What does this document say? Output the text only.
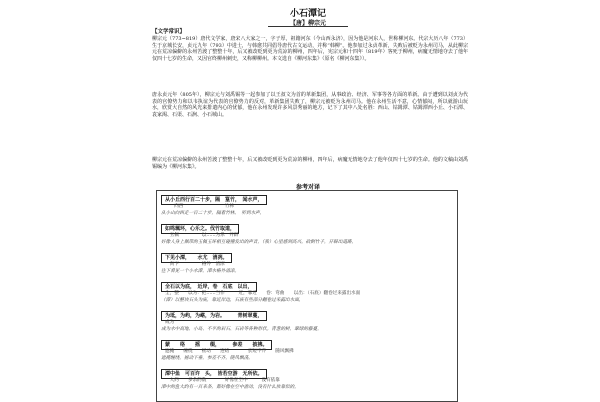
小石潭记
【唐】柳宗元
【文学常识】
柳宗元（773~819）唐代文学家，唐宋八大家之一，字子厚，祖籍河东（今山西永济），因为他是河东人，世称柳河东。代宗大历八年（773）生于京城长安，贞元九年（793）中进士，与韩愈共同倡导唐代古文运动，并称“韩柳”。他参加过永贞革新，失败后被贬为永州司马，从此柳宗元在荒凉偏僻的永州苦渡了整整十年，后又被改贬到更为荒凉的柳州，四年后，宪宗元和十四年（819年）客死于柳州，病魔无情地夺去了他年仅四十七岁的生命，又因官终柳州刺史，又称柳柳州。本文选自《柳河东集》（原名《柳河东集》）。
唐永贞元年（805年），柳宗元与刘禹锡等一起参加了以王叔文为首的革新集团，从事政治、经济、军事等各方面的革新。由于遭到以刘贞为代表的官僚势力和以韦执谊为代表的官僚势力的反对，革新集团失败了，柳宗元被贬为永州司马。他在永州生活不意，心情郁闷，所以就游山玩水，欣赏大自然的风光来排遣内心的忧郁，他在永州发现许多风景秀丽的地方，记下了其中八处名胜：西山、钴鉧潭、钴鉧潭西小丘、小石潭、袁家渴、石渠、石涧、小石城山。
柳宗元在荒凉偏僻的永州苦渡了整整十年，后又被改贬到更为荒凉的柳州，四年后，病魔无情地夺去了他年仅四十七岁的生命。他的文稿由刘禹锡编为《柳河东集》。
参考对译
从小丘西行百二十步，隔　篁竹，　闻水声，
　　向西　　　　　　　　　竹林
从小山向西走一百二十步，隔着竹林，　听到水声，
如鸣珮环，心乐之。伐竹取道，
　玉佩　　　　　以……为乐　开辟
好像人身上佩带的玉佩玉环相互碰撞发出的声音，（我）心里感到高兴。砍倒竹子，开辟出道路，
下见小潭，　　水尤　清冽。
　向下　　　　　格外　清凉
往下看见一个小水潭，潭水格外清凉。
全石以为底，　近岸，卷　石底　以出，
全，整　　以为：把……当作　　　近，靠近　　卷：弯曲　　以出：（石底）翻卷过来露出水面
（潭）以整块石头为底，靠近岸边，石底有些部分翻卷过来露出水面，
为坻，为屿，为嵁，为岩。　　　青树翠蔓，
成为
成为水中高地、小岛、不平的岩石、石岩等各种形状。青葱的树，翠绿的藤蔓，
蒙　　络　　摇　　缀，　　　参差　　披拂。
遮掩　　缠绕　　摇动　　连结　　　　长短不齐　　随风飘拂
遮掩缠绕，摇动下垂，参差不齐，随风飘荡。
潭中鱼　可百许　头，　皆若空游　无所依。
　大约　　多余的数　　　　好像在空中　　　没有依靠
潭中的鱼大约有一百来条，都好像在空中游动，没有什么依靠似的。
